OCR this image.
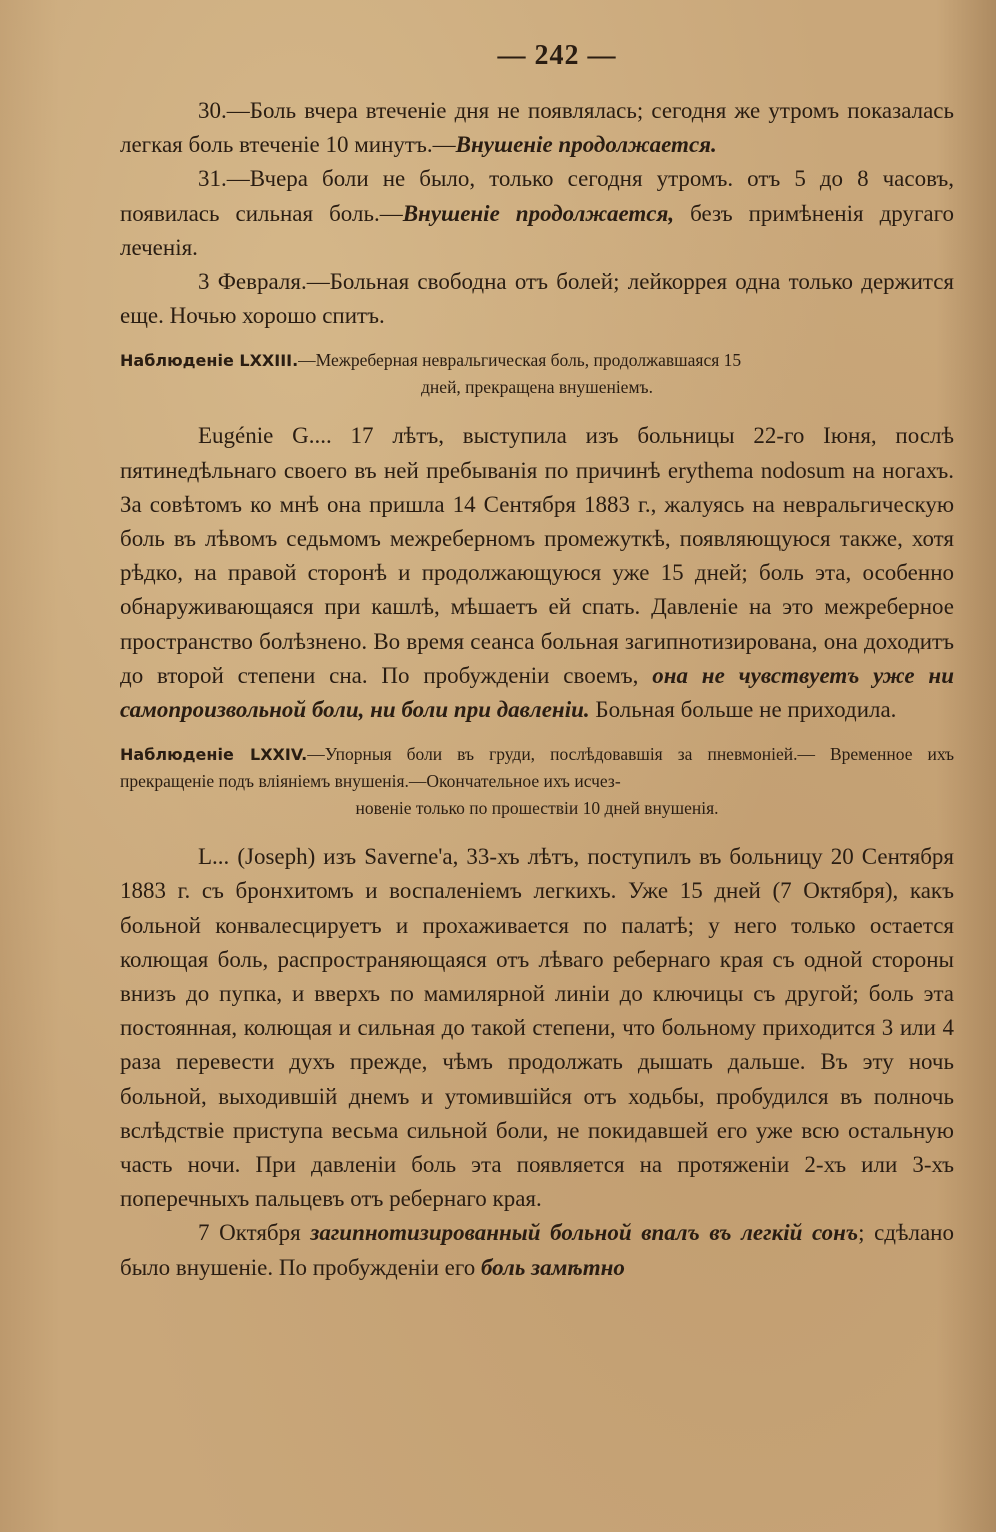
— 242 —

30.—Боль вчера втеченіе дня не появлялась; сегодня же утромъ показалась легкая боль втеченіе 10 минутъ.—Внушеніе продолжается.

31.—Вчера боли не было, только сегодня утромъ. отъ 5 до 8 часовъ, появилась сильная боль.—Внушеніе продолжается, безъ примѣненія другаго леченія.

3 Февраля.—Больная свободна отъ болей; лейкоррея одна только держится еще. Ночью хорошо спитъ.

Наблюденіе LXXIII.—Межреберная невральгическая боль, продолжавшаяся 15
дней, прекращена внушеніемъ.

Eugénie G.... 17 лѣтъ, выступила изъ больницы 22-го Іюня, послѣ пятинедѣльнаго своего въ ней пребыванія по причинѣ erythema nodosum на ногахъ. За совѣтомъ ко мнѣ она пришла 14 Сентября 1883 г., жалуясь на невральгическую боль въ лѣвомъ седьмомъ межреберномъ промежуткѣ, появляющуюся также, хотя рѣдко, на правой сторонѣ и продолжающуюся уже 15 дней; боль эта, особенно обнаруживающаяся при кашлѣ, мѣшаетъ ей спать. Давленіе на это межреберное пространство болѣзнено. Во время сеанса больная загипнотизирована, она доходитъ до второй степени сна. По пробужденіи своемъ, она не чувствуетъ уже ни самопроизвольной боли, ни боли при давленіи. Больная больше не приходила.

Наблюденіе LXXIV.—Упорныя боли въ груди, послѣдовавшія за пневмоніей.— Временное ихъ прекращеніе подъ вліяніемъ внушенія.—Окончательное ихъ исчез-
новеніе только по прошествіи 10 дней внушенія.

L... (Joseph) изъ Saverne'а, 33-хъ лѣтъ, поступилъ въ больницу 20 Сентября 1883 г. съ бронхитомъ и воспаленіемъ легкихъ. Уже 15 дней (7 Октября), какъ больной конвалесцируетъ и прохаживается по палатѣ; у него только остается колющая боль, распространяющаяся отъ лѣваго ребернаго края съ одной стороны внизъ до пупка, и вверхъ по мамилярной линіи до ключицы съ другой; боль эта постоянная, колющая и сильная до такой степени, что больному приходится 3 или 4 раза перевести духъ прежде, чѣмъ продолжать дышать дальше. Въ эту ночь больной, выходившій днемъ и утомившійся отъ ходьбы, пробудился въ полночь вслѣдствіе приступа весьма сильной боли, не покидавшей его уже всю остальную часть ночи. При давленіи боль эта появляется на протяженіи 2-хъ или 3-хъ поперечныхъ пальцевъ отъ ребернаго края.

7 Октября загипнотизированный больной впалъ въ легкій сонъ; сдѣлано было внушеніе. По пробужденіи его боль замѣтно
